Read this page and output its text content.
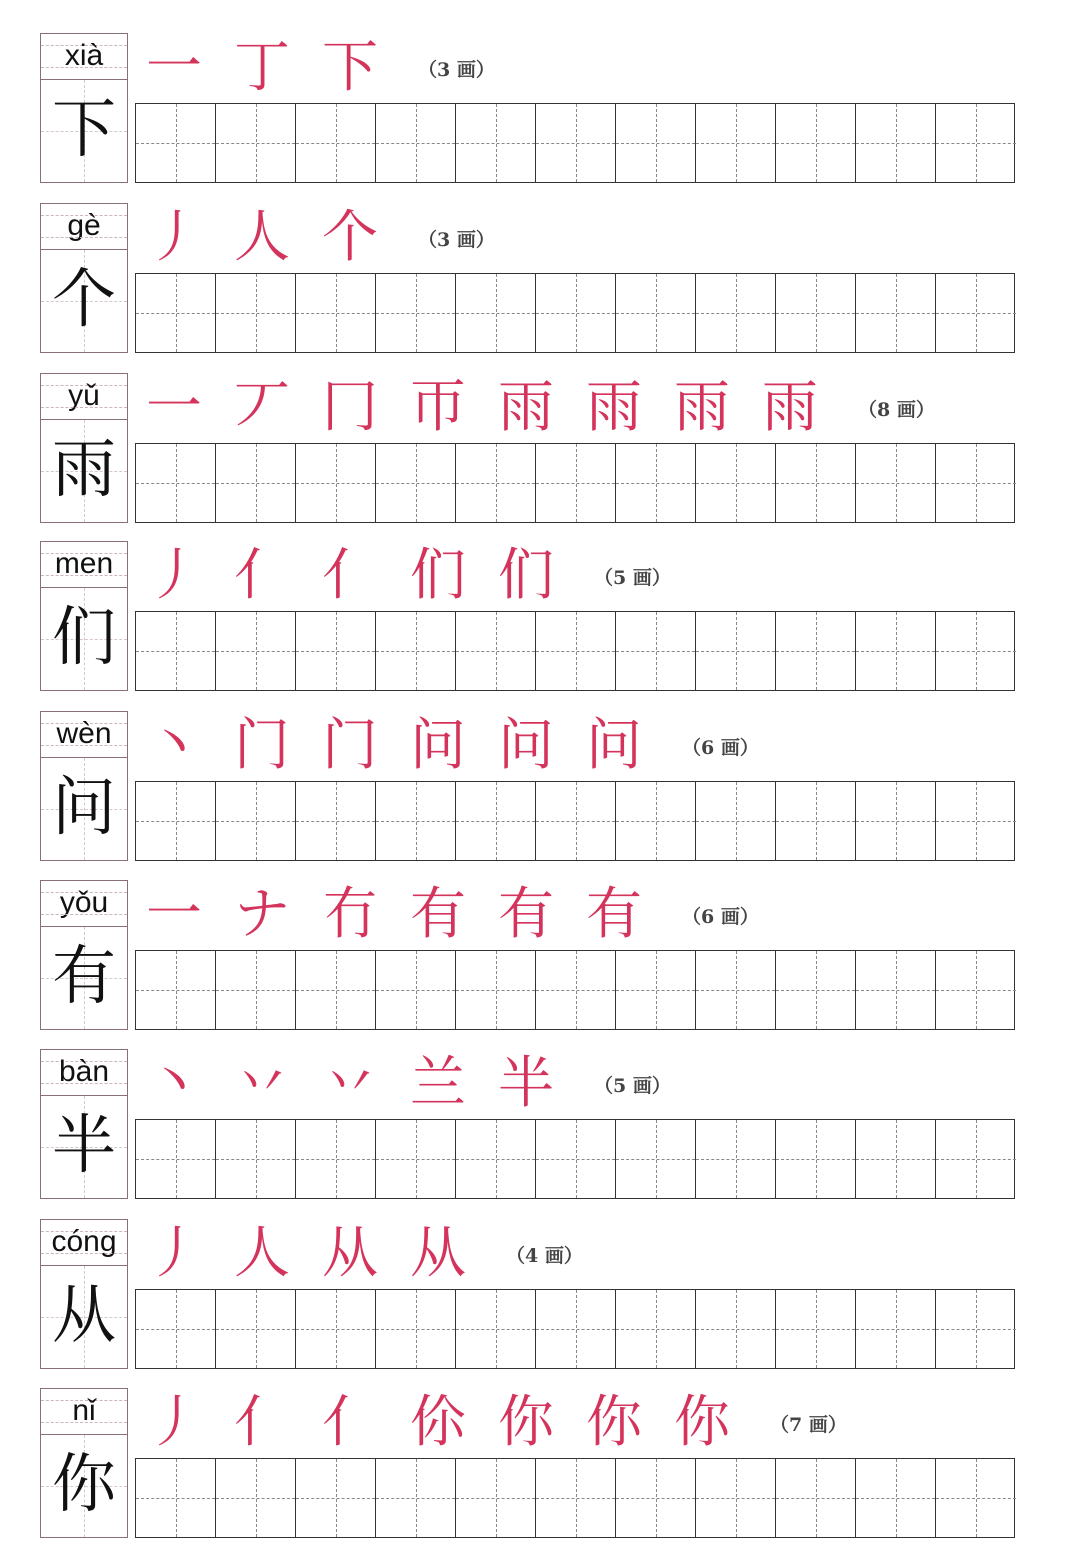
xià
下
一 丁 下 （3 画）
gè
个
丿 人 个 （3 画）
yǔ
雨
一 丆 冂 帀 雨 雨 雨 雨 （8 画）
men
们
丿 亻 亻 们 们 （5 画）
wèn
问
丶 门 门 问 问 问 （6 画）
yǒu
有
一 ナ 冇 有 有 有 （6 画）
bàn
半
丶 丷 丷 兰 半 （5 画）
cóng
从
丿 人 从 从 （4 画）
nǐ
你
丿 亻 亻 伱 你 你 你 （7 画）
